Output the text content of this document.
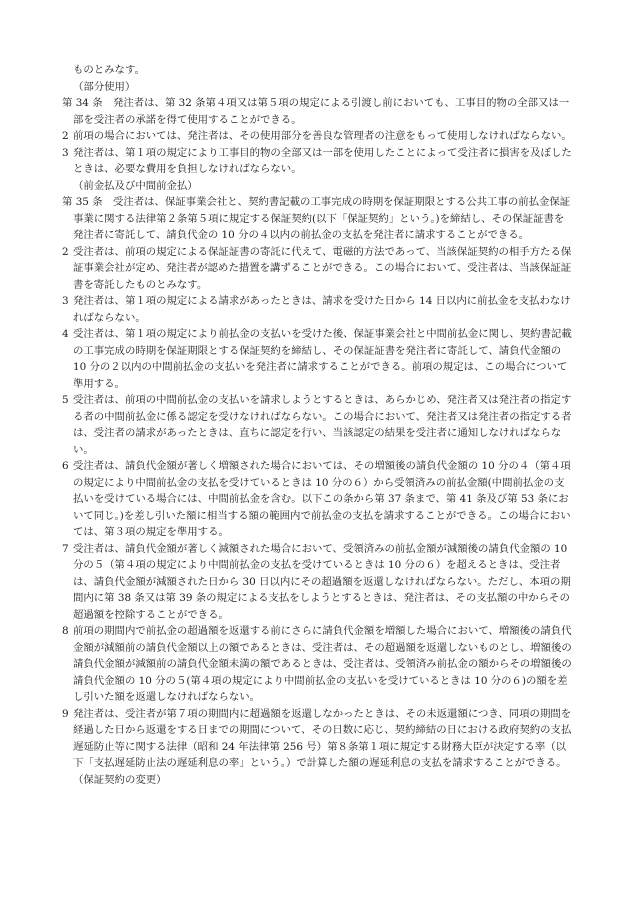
ものとみなす。

（部分使用）

第 34 条　発注者は、第 32 条第４項又は第５項の規定による引渡し前においても、工事目的物の全部又は一部を受注者の承諾を得て使用することができる。

2 前項の場合においては、発注者は、その使用部分を善良な管理者の注意をもって使用しなければならない。

3 発注者は、第１項の規定により工事目的物の全部又は一部を使用したことによって受注者に損害を及ぼしたときは、必要な費用を負担しなければならない。

（前金払及び中間前金払）

第 35 条　受注者は、保証事業会社と、契約書記載の工事完成の時期を保証期限とする公共工事の前払金保証事業に関する法律第２条第５項に規定する保証契約(以下「保証契約」という。)を締結し、その保証証書を発注者に寄託して、請負代金の 10 分の４以内の前払金の支払を発注者に請求することができる。

2 受注者は、前項の規定による保証証書の寄託に代えて、電磁的方法であって、当該保証契約の相手方たる保証事業会社が定め、発注者が認めた措置を講ずることができる。この場合において、受注者は、当該保証証書を寄託したものとみなす。

3 発注者は、第１項の規定による請求があったときは、請求を受けた日から 14 日以内に前払金を支払わなければならない。

4 受注者は、第１項の規定により前払金の支払いを受けた後、保証事業会社と中間前払金に関し、契約書記載の工事完成の時期を保証期限とする保証契約を締結し、その保証証書を発注者に寄託して、請負代金額の 10 分の２以内の中間前払金の支払いを発注者に請求することができる。前項の規定は、この場合について準用する。

5 受注者は、前項の中間前払金の支払いを請求しようとするときは、あらかじめ、発注者又は発注者の指定する者の中間前払金に係る認定を受けなければならない。この場合において、発注者又は発注者の指定する者は、受注者の請求があったときは、直ちに認定を行い、当該認定の結果を受注者に通知しなければならない。

6 受注者は、請負代金額が著しく増額された場合においては、その増額後の請負代金額の 10 分の４（第４項の規定により中間前払金の支払を受けているときは 10 分の６）から受領済みの前払金額(中間前払金の支払いを受けている場合には、中間前払金を含む。以下この条から第 37 条まで、第 41 条及び第 53 条において同じ。)を差し引いた額に相当する額の範囲内で前払金の支払を請求することができる。この場合においては、第３項の規定を準用する。

7 受注者は、請負代金額が著しく減額された場合において、受領済みの前払金額が減額後の請負代金額の 10 分の５（第４項の規定により中間前払金の支払を受けているときは 10 分の６）を超えるときは、受注者は、請負代金額が減額された日から 30 日以内にその超過額を返還しなければならない。ただし、本項の期間内に第 38 条又は第 39 条の規定による支払をしようとするときは、発注者は、その支払額の中からその超過額を控除することができる。

8 前項の期間内で前払金の超過額を返還する前にさらに請負代金額を増額した場合において、増額後の請負代金額が減額前の請負代金額以上の額であるときは、受注者は、その超過額を返還しないものとし、増額後の請負代金額が減額前の請負代金額未満の額であるときは、受注者は、受領済み前払金の額からその増額後の請負代金額の 10 分の５(第４項の規定により中間前払金の支払いを受けているときは 10 分の６)の額を差し引いた額を返還しなければならない。

9 発注者は、受注者が第７項の期間内に超過額を返還しなかったときは、その未返還額につき、同項の期間を経過した日から返還をする日までの期間について、その日数に応じ、契約締結の日における政府契約の支払遅延防止等に関する法律（昭和 24 年法律第 256 号）第８条第１項に規定する財務大臣が決定する率（以下「支払遅延防止法の遅延利息の率」という。）で計算した額の遅延利息の支払を請求することができる。

（保証契約の変更）
